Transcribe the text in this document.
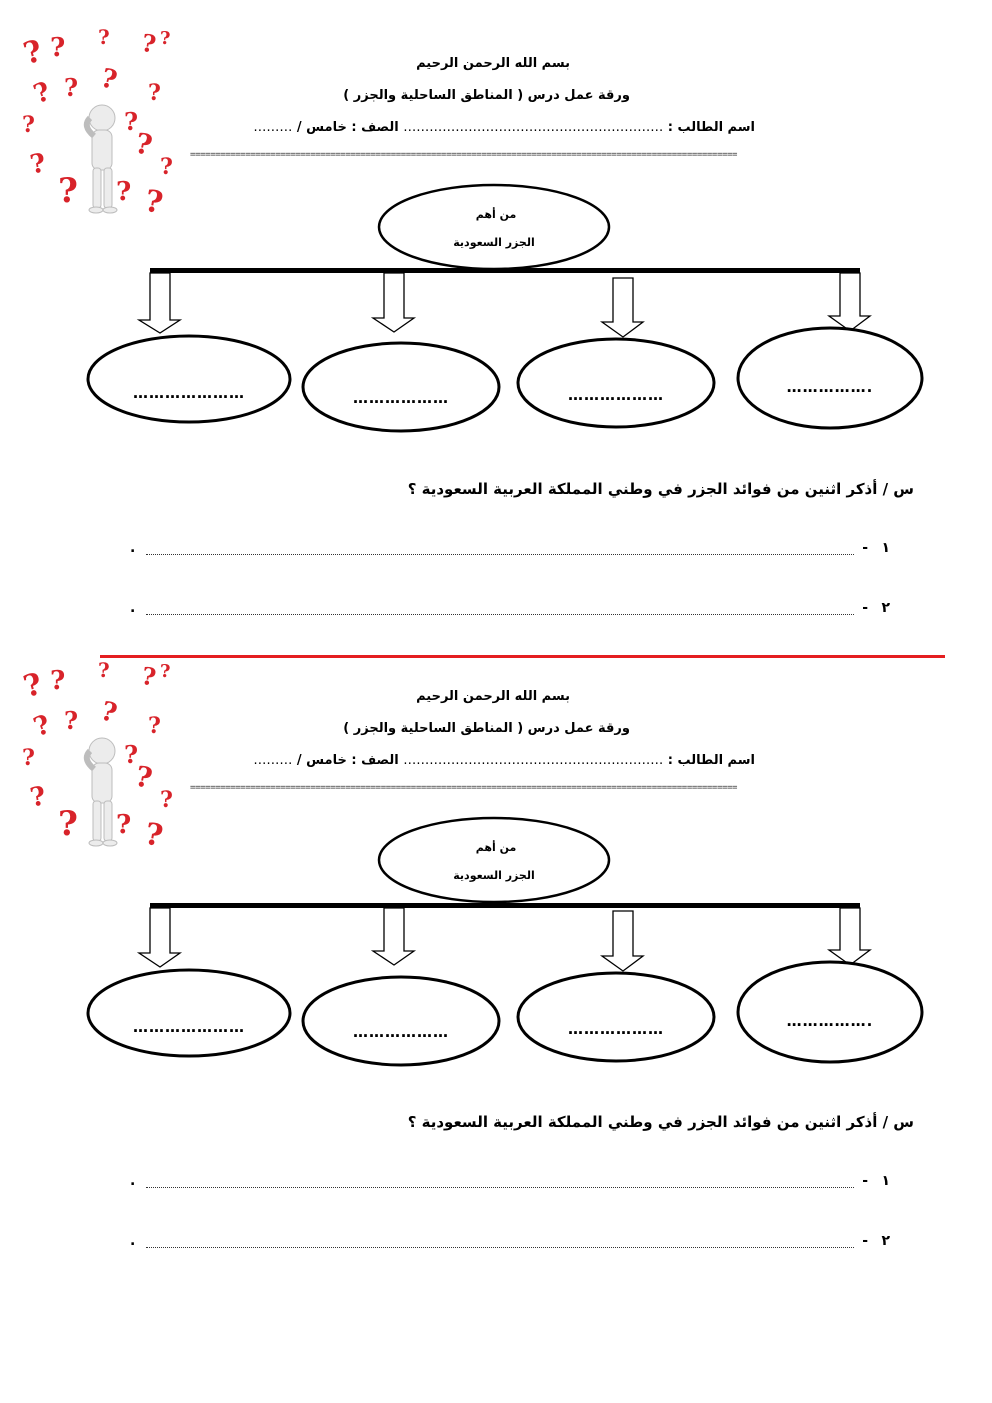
? ? ? ? ?
? ? ? ?
?	?
?
?
? ? ?
?
بسم الله الرحمن الرحيم
ورقة عمل درس ( المناطق الساحلية والجزر )
اسم الطالب : …………………………………………………… الصف : خامس / ………
=============================================================================================================
من أهم
الجزر السعودية
…………………	………………	………………	…………….
س / أذكر اثنين من فوائد الجزر في وطني المملكة العربية السعودية ؟
١
-
.
٢
-
.
? ? ? ? ?
? ? ? ?
?	?
?
?
? ? ?
?
بسم الله الرحمن الرحيم
ورقة عمل درس ( المناطق الساحلية والجزر )
اسم الطالب : …………………………………………………… الصف : خامس / ………
=============================================================================================================
من أهم
الجزر السعودية
…………………	………………	………………	…………….
س / أذكر اثنين من فوائد الجزر في وطني المملكة العربية السعودية ؟
١
-
.
٢
-
.
